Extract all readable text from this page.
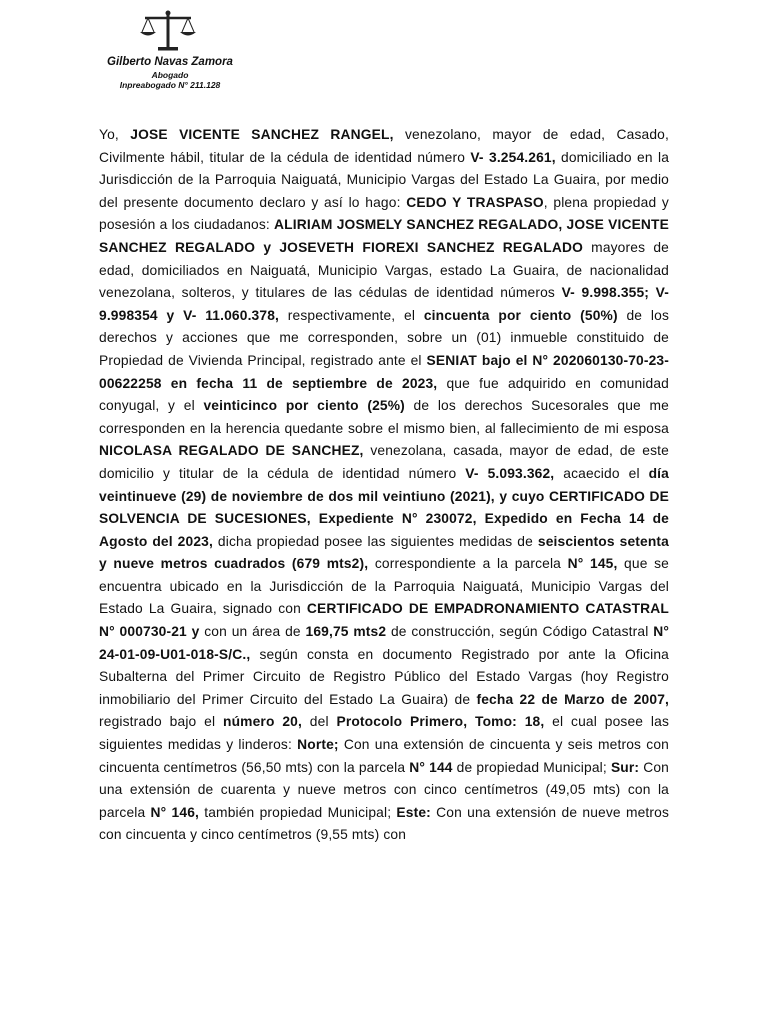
Gilberto Navas Zamora
Abogado
Inpreabogado N° 211.128
Yo, JOSE VICENTE SANCHEZ RANGEL, venezolano, mayor de edad, Casado, Civilmente hábil, titular de la cédula de identidad número V- 3.254.261, domiciliado en la Jurisdicción de la Parroquia Naiguatá, Municipio Vargas del Estado La Guaira, por medio del presente documento declaro y así lo hago: CEDO Y TRASPASO, plena propiedad y posesión a los ciudadanos: ALIRIAM JOSMELY SANCHEZ REGALADO, JOSE VICENTE SANCHEZ REGALADO y JOSEVETH FIOREXI SANCHEZ REGALADO mayores de edad, domiciliados en Naiguatá, Municipio Vargas, estado La Guaira, de nacionalidad venezolana, solteros, y titulares de las cédulas de identidad números V- 9.998.355; V- 9.998354 y V- 11.060.378, respectivamente, el cincuenta por ciento (50%) de los derechos y acciones que me corresponden, sobre un (01) inmueble constituido de Propiedad de Vivienda Principal, registrado ante el SENIAT bajo el N° 202060130-70-23-00622258 en fecha 11 de septiembre de 2023, que fue adquirido en comunidad conyugal, y el veinticinco por ciento (25%) de los derechos Sucesorales que me corresponden en la herencia quedante sobre el mismo bien, al fallecimiento de mi esposa NICOLASA REGALADO DE SANCHEZ, venezolana, casada, mayor de edad, de este domicilio y titular de la cédula de identidad número V- 5.093.362, acaecido el día veintinueve (29) de noviembre de dos mil veintiuno (2021), y cuyo CERTIFICADO DE SOLVENCIA DE SUCESIONES, Expediente N° 230072, Expedido en Fecha 14 de Agosto del 2023, dicha propiedad posee las siguientes medidas de seiscientos setenta y nueve metros cuadrados (679 mts2), correspondiente a la parcela N° 145, que se encuentra ubicado en la Jurisdicción de la Parroquia Naiguatá, Municipio Vargas del Estado La Guaira, signado con CERTIFICADO DE EMPADRONAMIENTO CATASTRAL N° 000730-21 y con un área de 169,75 mts2 de construcción, según Código Catastral N° 24-01-09-U01-018-S/C., según consta en documento Registrado por ante la Oficina Subalterna del Primer Circuito de Registro Público del Estado Vargas (hoy Registro inmobiliario del Primer Circuito del Estado La Guaira) de fecha 22 de Marzo de 2007, registrado bajo el número 20, del Protocolo Primero, Tomo: 18, el cual posee las siguientes medidas y linderos: Norte; Con una extensión de cincuenta y seis metros con cincuenta centímetros (56,50 mts) con la parcela N° 144 de propiedad Municipal; Sur: Con una extensión de cuarenta y nueve metros con cinco centímetros (49,05 mts) con la parcela N° 146, también propiedad Municipal; Este: Con una extensión de nueve metros con cincuenta y cinco centímetros (9,55 mts) con
